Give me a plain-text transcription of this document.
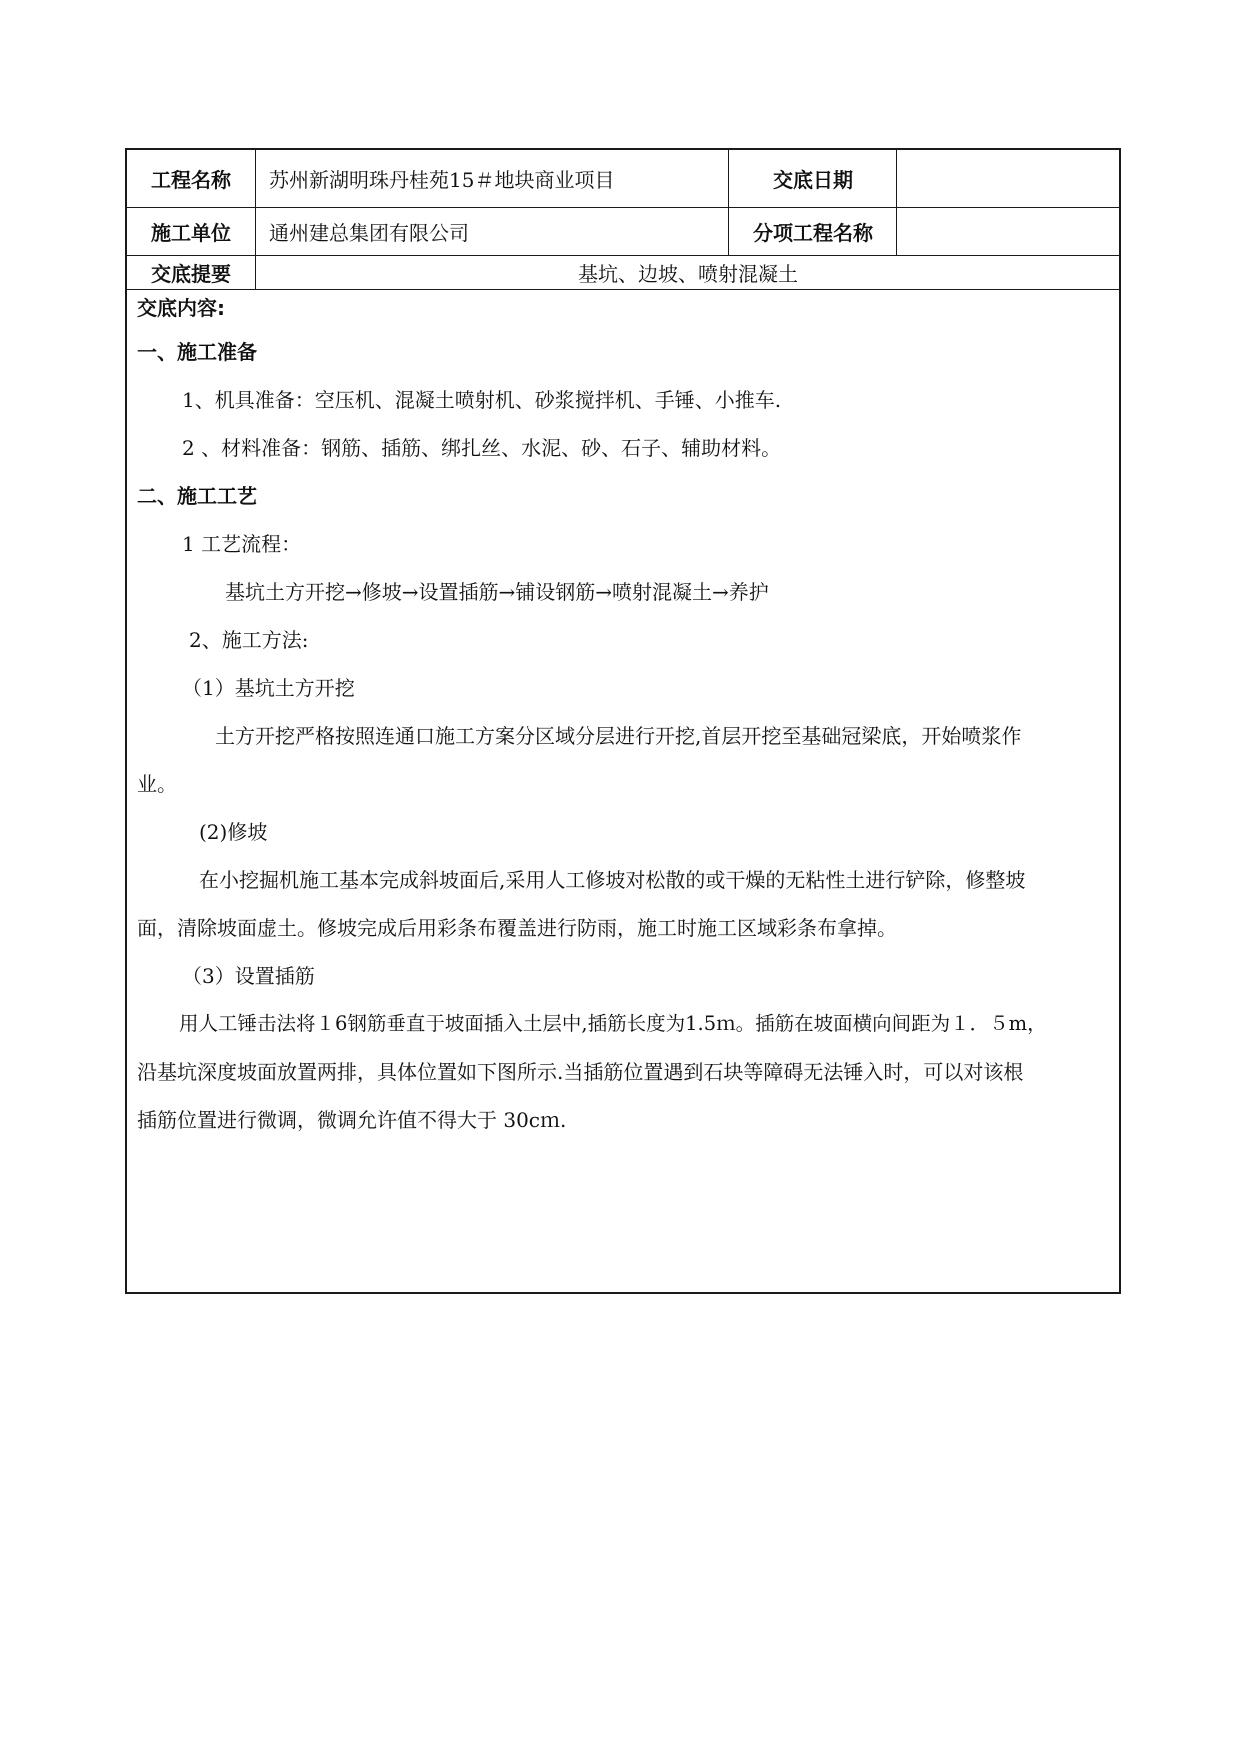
工程名称	苏州新湖明珠丹桂苑15＃地块商业项目	交底日期
施工单位	通州建总集团有限公司	分项工程名称
交底提要	基坑、边坡、喷射混凝土
交底内容:
一、施工准备
1、机具准备：空压机、混凝土喷射机、砂浆搅拌机、手锤、小推车.
2 、材料准备：钢筋、插筋、绑扎丝、水泥、砂、石子、辅助材料。
二、施工工艺
1 工艺流程：
基坑土方开挖→修坡→设置插筋→铺设钢筋→喷射混凝土→养护
2、施工方法:
（1）基坑土方开挖
土方开挖严格按照连通口施工方案分区域分层进行开挖,首层开挖至基础冠梁底，开始喷浆作
业。
(2)修坡
在小挖掘机施工基本完成斜坡面后,采用人工修坡对松散的或干燥的无粘性土进行铲除，修整坡
面，清除坡面虚土。修坡完成后用彩条布覆盖进行防雨，施工时施工区域彩条布拿掉。
（3）设置插筋
用人工锤击法将１6钢筋垂直于坡面插入土层中,插筋长度为1.5ｍ。插筋在坡面横向间距为１．５m，
沿基坑深度坡面放置两排，具体位置如下图所示.当插筋位置遇到石块等障碍无法锤入时，可以对该根
插筋位置进行微调，微调允许值不得大于 30cｍ.
